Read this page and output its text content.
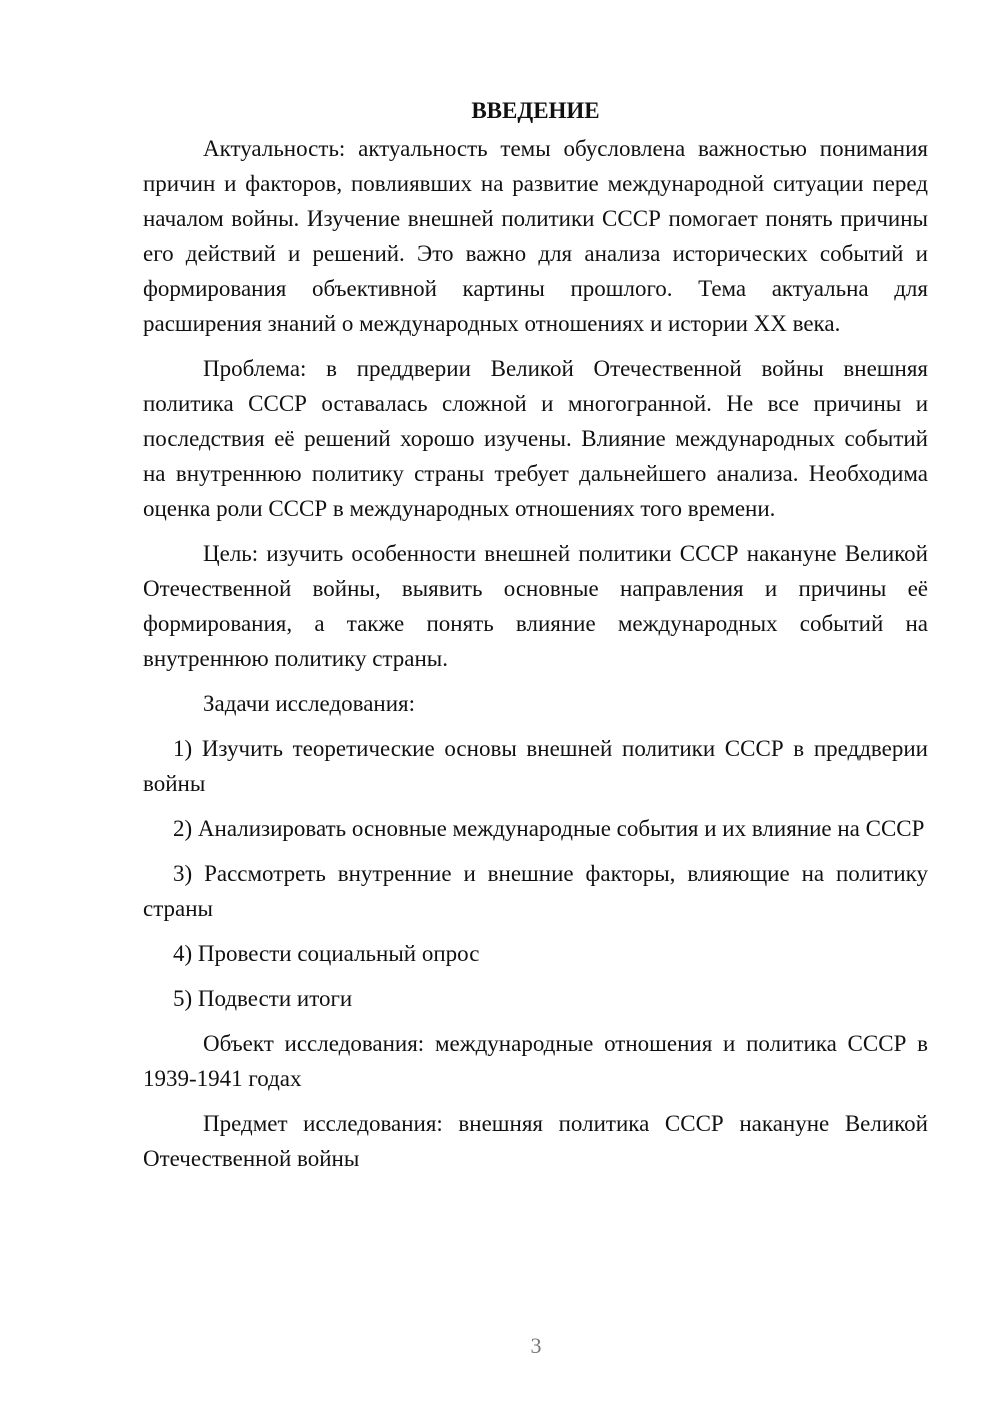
ВВЕДЕНИЕ

Актуальность: актуальность темы обусловлена важностью понимания причин и факторов, повлиявших на развитие международной ситуации перед началом войны. Изучение внешней политики СССР помогает понять причины его действий и решений. Это важно для анализа исторических событий и формирования объективной картины прошлого. Тема актуальна для расширения знаний о международных отношениях и истории XX века.

Проблема: в преддверии Великой Отечественной войны внешняя политика СССР оставалась сложной и многогранной. Не все причины и последствия её решений хорошо изучены. Влияние международных событий на внутреннюю политику страны требует дальнейшего анализа. Необходима оценка роли СССР в международных отношениях того времени.

Цель: изучить особенности внешней политики СССР накануне Великой Отечественной войны, выявить основные направления и причины её формирования, а также понять влияние международных событий на внутреннюю политику страны.

Задачи исследования:

1) Изучить теоретические основы внешней политики СССР в преддверии войны
2) Анализировать основные международные события и их влияние на СССР
3) Рассмотреть внутренние и внешние факторы, влияющие на политику страны
4) Провести социальный опрос
5) Подвести итоги

Объект исследования: международные отношения и политика СССР в 1939-1941 годах

Предмет исследования: внешняя политика СССР накануне Великой Отечественной войны

3
